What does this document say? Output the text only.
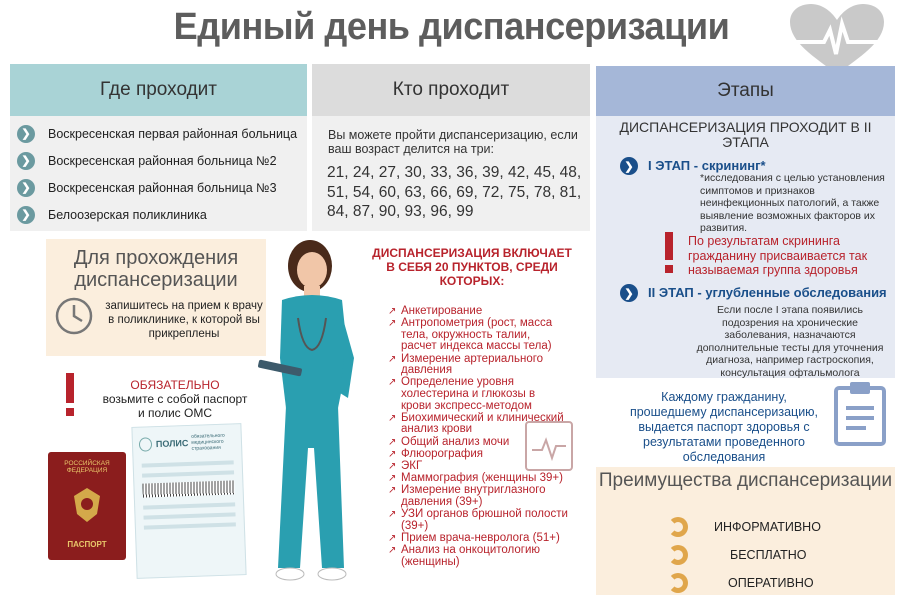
Единый день диспансеризации
Где проходит	Кто проходит	Этапы
❯	Воскресенская первая районная больница
❯	Воскресенская районная больница №2
❯	Воскресенская районная больница №3
❯	Белоозерская поликлиника
Вы можете пройти диспансеризацию, если ваш возраст делится на три:
21, 24, 27, 30, 33, 36, 39, 42, 45, 48, 51, 54, 60, 63, 66, 69, 72, 75, 78, 81, 84, 87, 90, 93, 96, 99
ДИСПАНСЕРИЗАЦИЯ ПРОХОДИТ В II ЭТАПА
❯	I ЭТАП - скрининг*
*исследования с целью установления симптомов и признаков неинфекционных патологий, а также выявление возможных факторов их развития.
По результатам скрининга гражданину присваивается так называемая группа здоровья
❯	II ЭТАП - углубленные обследования
Если после I этапа появились подозрения на хронические заболевания, назначаются дополнительные тесты для уточнения диагноза, например гастроскопия, консультация офтальмолога
Каждому гражданину, прошедшему диспансеризацию, выдается паспорт здоровья с результатами проведенного обследования
Преимущества диспансеризации
ИНФОРМАТИВНО
БЕСПЛАТНО
ОПЕРАТИВНО
Для прохождения диспансеризации
запишитесь на прием к врачу в поликлинике, к которой вы прикреплены
ОБЯЗАТЕЛЬНО
возьмите с собой паспорт и полис ОМС
РОССИЙСКАЯ ФЕДЕРАЦИЯ
ПАСПОРТ
ПОЛИС
обязательного медицинского страхования
ДИСПАНСЕРИЗАЦИЯ ВКЛЮЧАЕТ В СЕБЯ 20 ПУНКТОВ, СРЕДИ КОТОРЫХ:
↗ Анкетирование
↗ Антропометрия (рост, масса тела, окружность талии, расчет индекса массы тела)
↗ Измерение артериального давления
↗ Определение уровня холестерина и глюкозы в крови экспресс-методом
↗ Биохимический и клинический анализ крови
↗ Общий анализ мочи
↗ Флюорография
↗ ЭКГ
↗ Маммография (женщины 39+)
↗ Измерение внутриглазного давления (39+)
↗ УЗИ органов брюшной полости (39+)
↗ Прием врача-невролога (51+)
↗ Анализ на онкоцитологию (женщины)
